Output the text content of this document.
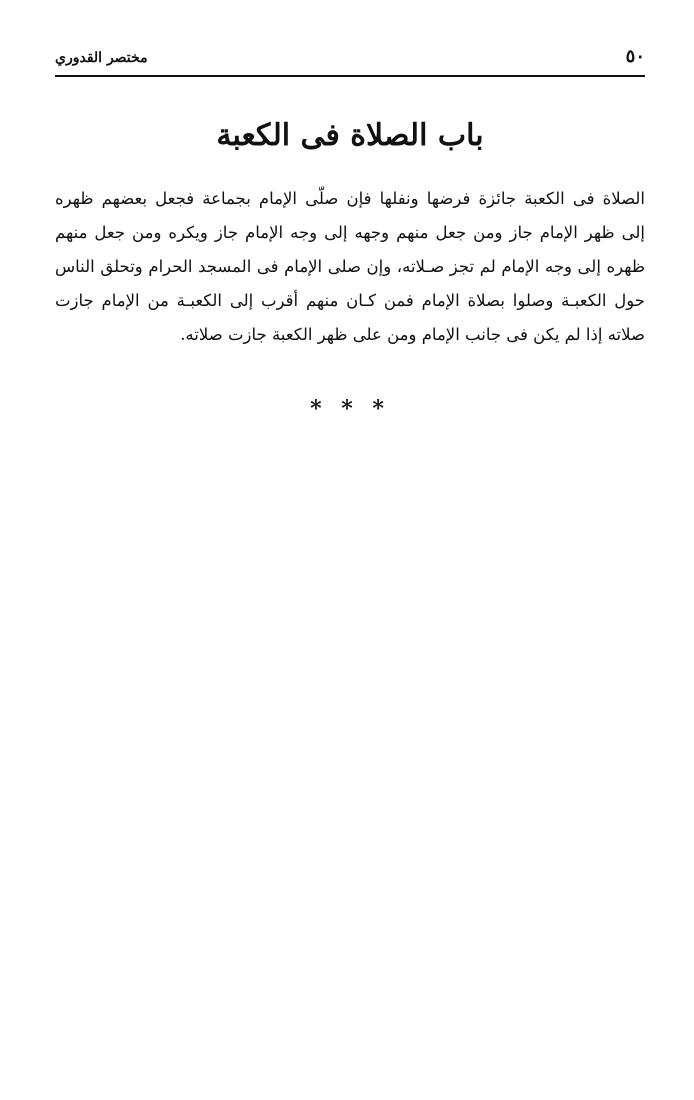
٥٠
مختصر القدوري
باب الصلاة فى الكعبة
الصلاة فى الكعبة جائزة فرضها ونفلها فإن صلّى الإمام بجماعة فجعل بعضهم ظهره
إلى ظهر الإمام جاز ومن جعل منهم وجهه إلى وجه الإمام جاز ويكره ومن جعل منهم
ظهره إلى وجه الإمام لم تجز صـلاته، وإن صلى الإمام فى المسجد الحرام وتحلق الناس
حول الكعبـة وصلوا بصلاة الإمام فمن كـان منهم أقرب إلى الكعبـة من الإمام جازت
صلاته إذا لم يكن فى جانب الإمام ومن على ظهر الكعبة جازت صلاته.
* * *
